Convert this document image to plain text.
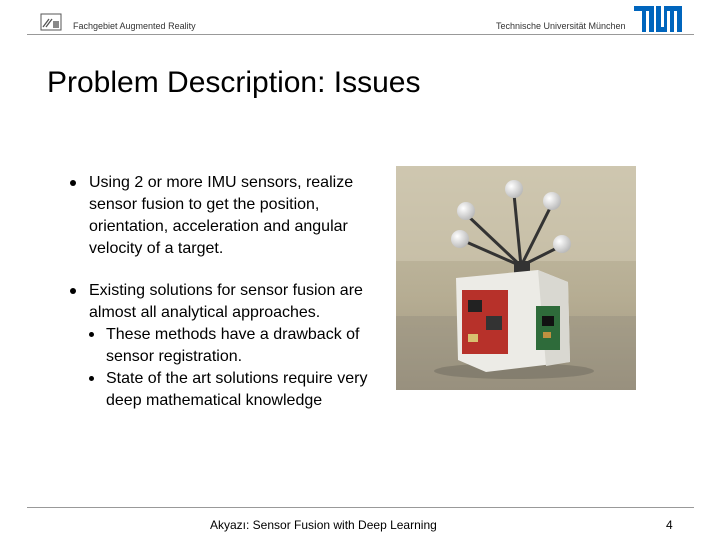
Fachgebiet Augmented Reality	Technische Universität München
Problem Description: Issues
Using 2 or more IMU sensors, realize sensor fusion to get the position, orientation, acceleration and angular velocity of a target.
Existing solutions for sensor fusion are almost all analytical approaches.
These methods have a drawback of sensor registration.
State of the art solutions require very deep mathematical knowledge
Akyazı: Sensor Fusion with Deep Learning	4
